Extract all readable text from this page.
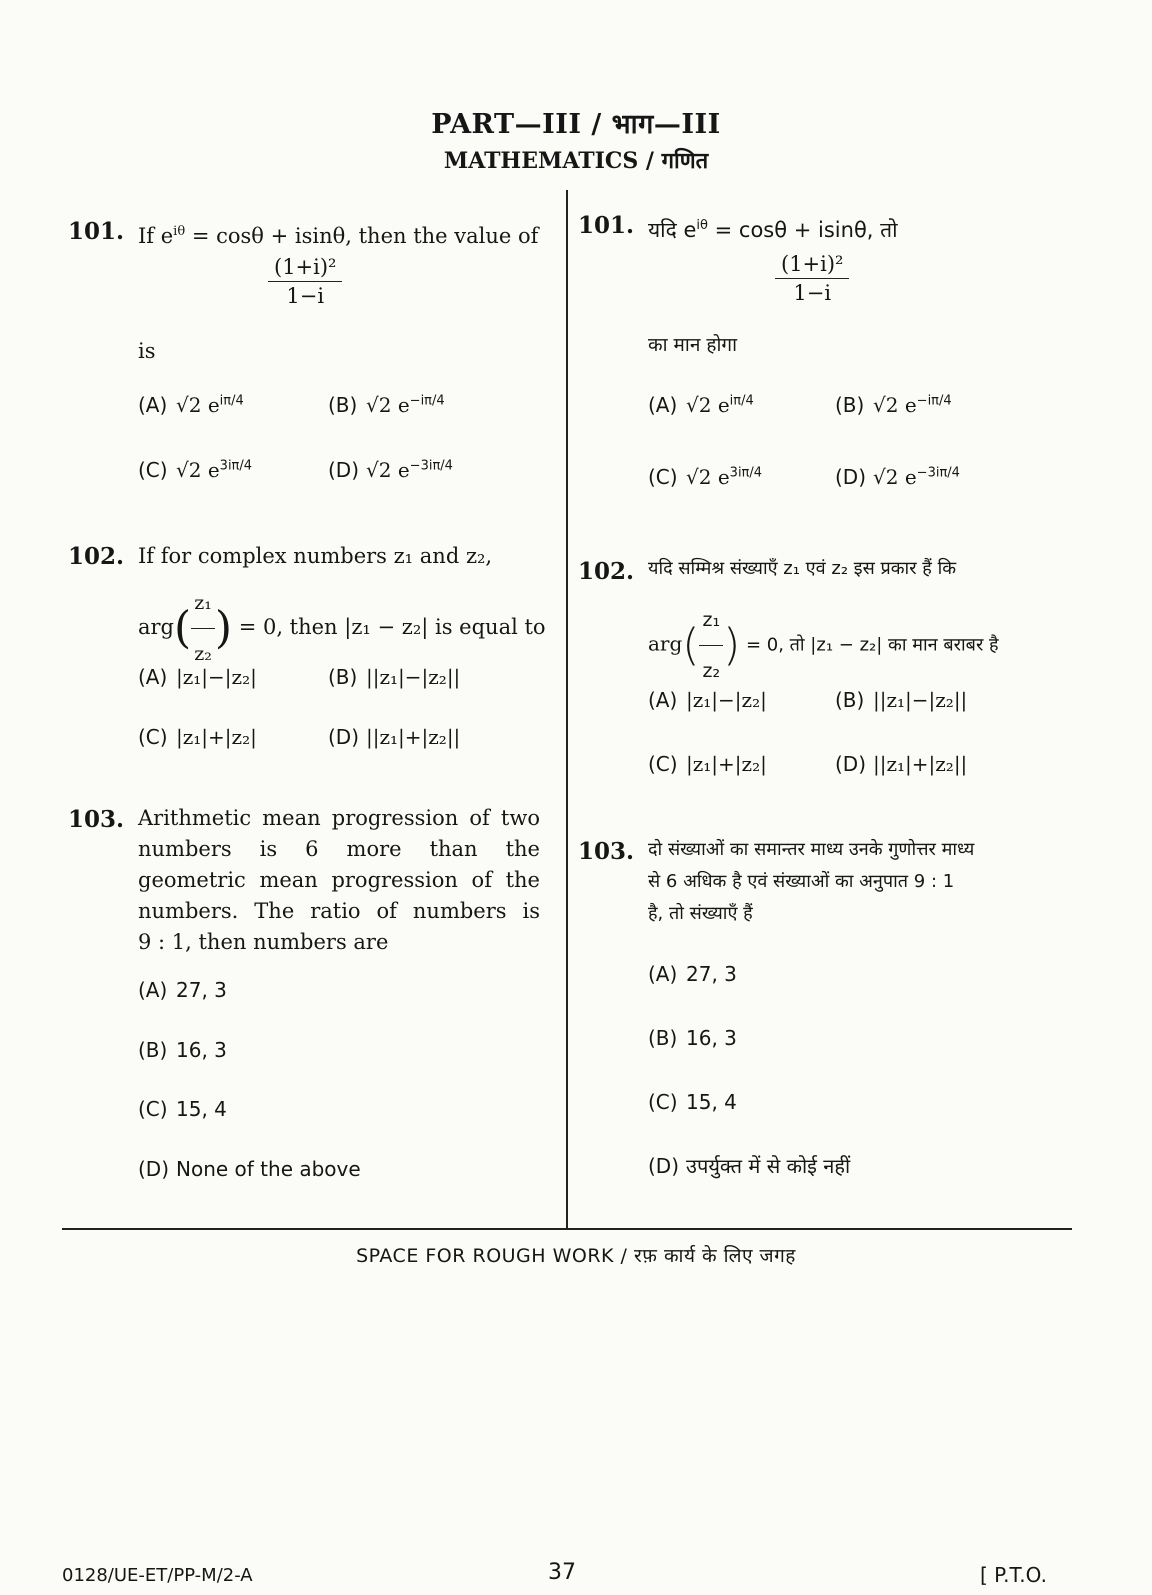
PART—III / भाग—III
MATHEMATICS / गणित
101. If $e^{i\theta} = \cos\theta + isin\theta$, then the value of
$\frac{\text{(1+i)²}}{1-i}$
is
(A) √2 $e^{i\pi/4}$	(B) √2 $e^{-i\pi/4}$
(C) √2 $e^{3i\pi/4}$	(D) √2 $e^{-3i\pi/4}$
102. If for complex numbers z₁ and z₂,
$arg( \frac{\text{z₁}}{\text{z₂}}$ ) = 0, then |z₁ − z₂| is equal to
(A) |z₁|−|z₂|	(B) ||z₁|−|z₂||
(C) |z₁|+|z₂|	(D) ||z₁|+|z₂||
103. Arithmetic mean progression of two
numbers is 6 more than the
geometric mean progression of the
numbers. The ratio of numbers is
9 : 1, then numbers are
(A) 27, 3
(B) 16, 3
(C) 15, 4
(D) None of the above
101. यदि $e^{i\theta} = \cos\theta + isin\theta$, तो
$\frac{\text{(1+i)²}}{1-i}$
का मान होगा
(A) √2 $e^{i\pi/4}$	(B) √2 $e^{-i\pi/4}$
(C) √2 $e^{3i\pi/4}$	(D) √2 $e^{-3i\pi/4}$
102. यदि सम्मिश्र संख्याएँ z₁ एवं z₂ इस प्रकार हैं कि
$arg( \frac{\text{z₁}}{\text{z₂}}$ ) = 0, तो |z₁ − z₂| का मान बराबर है
(A) |z₁|−|z₂|	(B) ||z₁|−|z₂||
(C) |z₁|+|z₂|	(D) ||z₁|+|z₂||
103. दो संख्याओं का समान्तर माध्य उनके गुणोत्तर माध्य
से 6 अधिक है एवं संख्याओं का अनुपात 9 : 1
है, तो संख्याएँ हैं
(A) 27, 3
(B) 16, 3
(C) 15, 4
(D) उपर्युक्त में से कोई नहीं
SPACE FOR ROUGH WORK / रफ़ कार्य के लिए जगह
0128/UE-ET/PP-M/2-A	37	[ P.T.O.
